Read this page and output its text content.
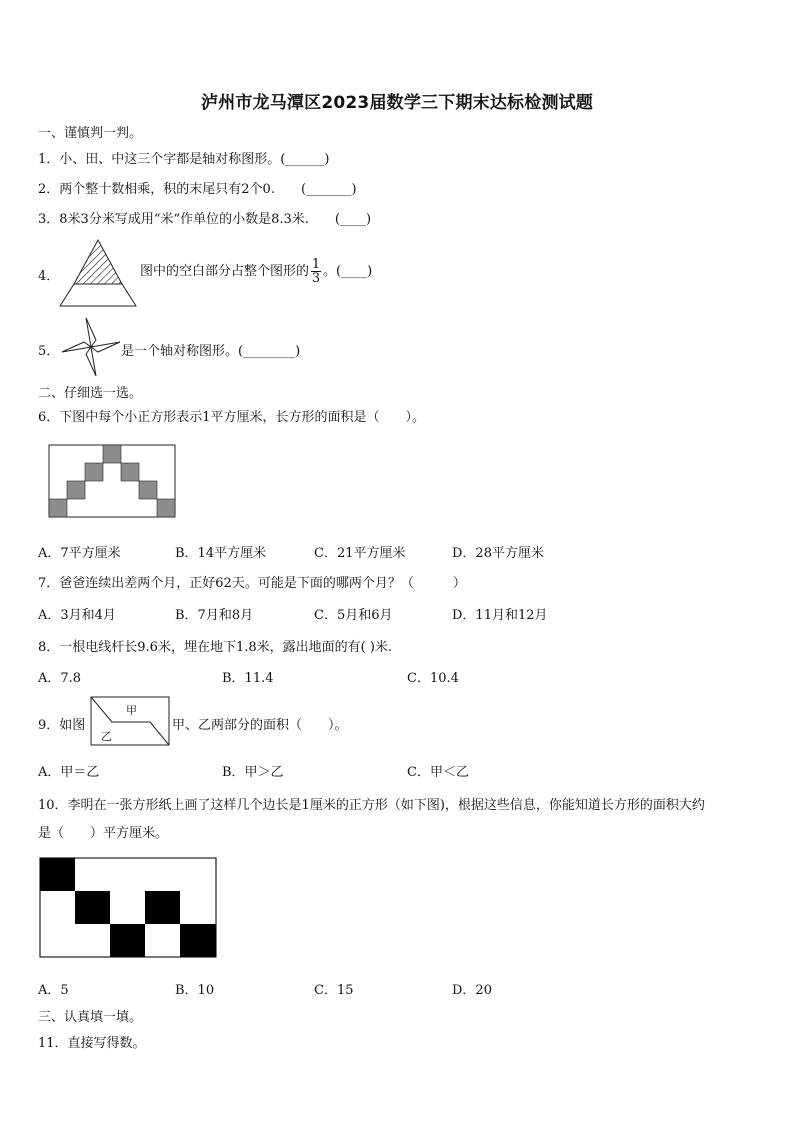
泸州市龙马潭区2023届数学三下期末达标检测试题
一、谨慎判一判。
1．小、田、中这三个字都是轴对称图形。(______)
2．两个整十数相乘，积的末尾只有2个0.　　(_______)
3．8米3分米写成用“米”作单位的小数是8.3米.　　(____)
4．	图中的空白部分占整个图形的 $\frac{1}{3}$ 。(____)
5．	是一个轴对称图形。(________)
二、仔细选一选。
6．下图中每个小正方形表示1平方厘米，长方形的面积是（　　）。
A．7平方厘米	B．14平方厘米	C．21平方厘米	D．28平方厘米
7．爸爸连续出差两个月，正好62天。可能是下面的哪两个月？（　　　）
A．3月和4月	B．7月和8月	C．5月和6月	D．11月和12月
8．一根电线杆长9.6米，埋在地下1.8米，露出地面的有( )米.
A．7.8	B．11.4	C．10.4
9．如图
甲
乙
甲、乙两部分的面积（　　）。
A．甲＝乙	B．甲＞乙	C．甲＜乙
10．李明在一张方形纸上画了这样几个边长是1厘米的正方形（如下图)，根据这些信息，你能知道长方形的面积大约
是（　　）平方厘米。
A．5	B．10	C．15	D．20
三、认真填一填。
11．直接写得数。
